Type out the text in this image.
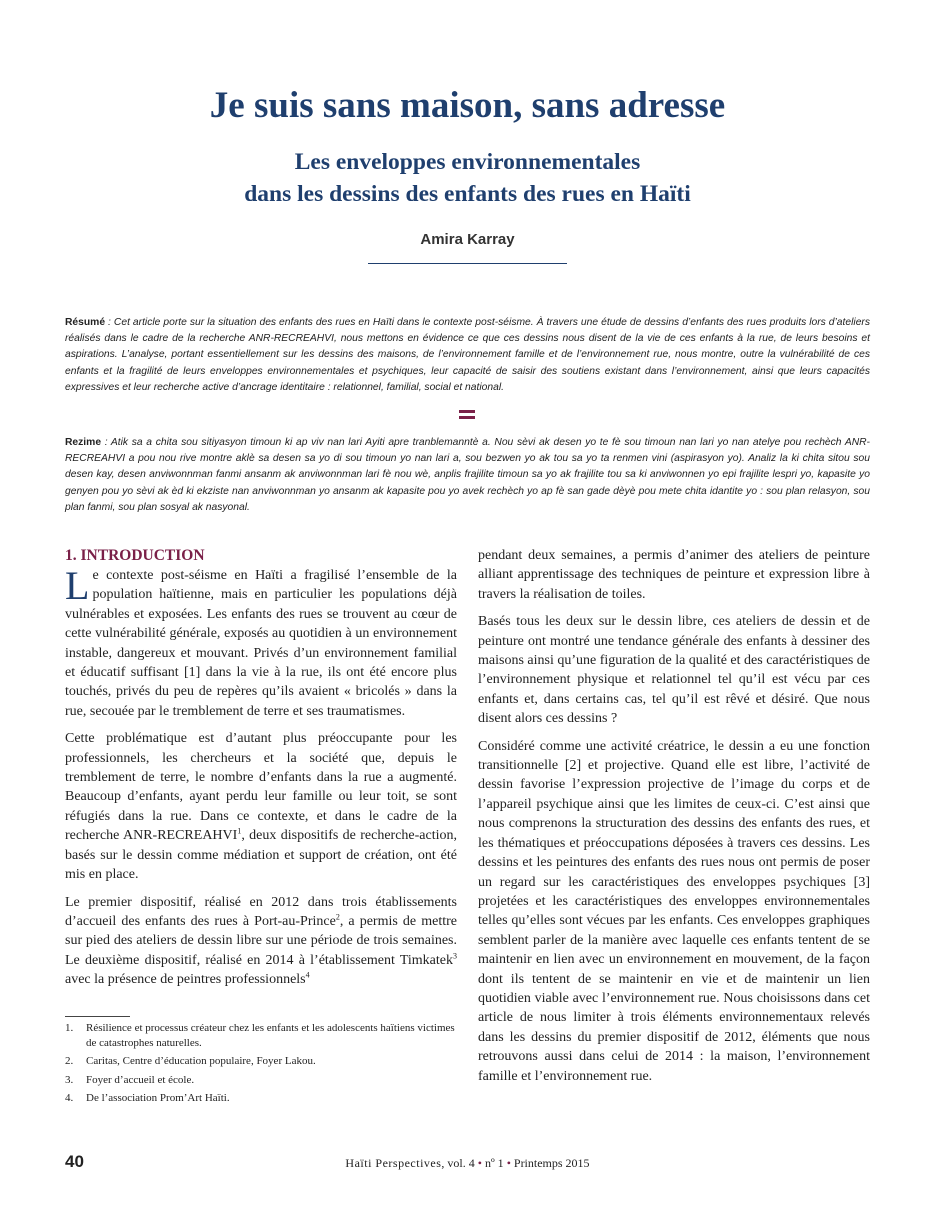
Je suis sans maison, sans adresse
Les enveloppes environnementales
dans les dessins des enfants des rues en Haïti
Amira Karray
Résumé : Cet article porte sur la situation des enfants des rues en Haïti dans le contexte post-séisme. À travers une étude de dessins d’enfants des rues produits lors d’ateliers réalisés dans le cadre de la recherche ANR-RECREAHVI, nous mettons en évidence ce que ces dessins nous disent de la vie de ces enfants à la rue, de leurs besoins et aspirations. L’analyse, portant essentiellement sur les dessins des maisons, de l’environnement famille et de l’environnement rue, nous montre, outre la vulnérabilité de ces enfants et la fragilité de leurs enveloppes environnementales et psychiques, leur capacité de saisir des soutiens existant dans l’environnement, ainsi que leurs capacités expressives et leur recherche active d’ancrage identitaire : relationnel, familial, social et national.
Rezime : Atik sa a chita sou sitiyasyon timoun ki ap viv nan lari Ayiti apre tranblemanntè a. Nou sèvi ak desen yo te fè sou timoun nan lari yo nan atelye pou rechèch ANR-RECREAHVI a pou nou rive montre aklè sa desen sa yo di sou timoun yo nan lari a, sou bezwen yo ak tou sa yo ta renmen vini (aspirasyon yo). Analiz la ki chita sitou sou desen kay, desen anviwonnman fanmi ansanm ak anviwonnman lari fè nou wè, anplis frajilite timoun sa yo ak frajilite tou sa ki anviwonnen yo epi frajilite lespri yo, kapasite yo genyen pou yo sèvi ak èd ki ekziste nan anviwonnman yo ansanm ak kapasite pou yo avek rechèch yo ap fè san gade dèyè pou mete chita idantite yo : sou plan relasyon, sou plan fanmi, sou plan sosyal ak nasyonal.
1. INTRODUCTION

Le contexte post-séisme en Haïti a fragilisé l’ensemble de la population haïtienne, mais en particulier les populations déjà vulnérables et exposées. Les enfants des rues se trouvent au cœur de cette vulnérabilité générale, exposés au quotidien à un environnement instable, dangereux et mouvant. Privés d’un environnement familial et éducatif suffisant [1] dans la vie à la rue, ils ont été encore plus touchés, privés du peu de repères qu’ils avaient « bricolés » dans la rue, secouée par le tremblement de terre et ses traumatismes.

Cette problématique est d’autant plus préoccupante pour les professionnels, les chercheurs et la société que, depuis le tremblement de terre, le nombre d’enfants dans la rue a augmenté. Beaucoup d’enfants, ayant perdu leur famille ou leur toit, se sont réfugiés dans la rue. Dans ce contexte, et dans le cadre de la recherche ANR-RECREAHVI$^1$, deux dispositifs de recherche-action, basés sur le dessin comme médiation et support de création, ont été mis en place.

Le premier dispositif, réalisé en 2012 dans trois établissements d’accueil des enfants des rues à Port-au-Prince$^2$, a permis de mettre sur pied des ateliers de dessin libre sur une période de trois semaines. Le deuxième dispositif, réalisé en 2014 à l’établissement Timkatek$^3$ avec la présence de peintres professionnels$^4$

1.	Résilience et processus créateur chez les enfants et les adolescents haïtiens victimes de catastrophes naturelles.
2.	Caritas, Centre d’éducation populaire, Foyer Lakou.
3.	Foyer d’accueil et école.
4.	De l’association Prom’Art Haïti.

pendant deux semaines, a permis d’animer des ateliers de peinture alliant apprentissage des techniques de peinture et expression libre à travers la réalisation de toiles.

Basés tous les deux sur le dessin libre, ces ateliers de dessin et de peinture ont montré une tendance générale des enfants à dessiner des maisons ainsi qu’une figuration de la qualité et des caractéristiques de l’environnement physique et relationnel tel qu’il est vécu par ces enfants et, dans certains cas, tel qu’il est rêvé et désiré. Que nous disent alors ces dessins ?

Considéré comme une activité créatrice, le dessin a eu une fonction transitionnelle [2] et projective. Quand elle est libre, l’activité de dessin favorise l’expression projective de l’image du corps et de l’appareil psychique ainsi que les limites de ceux-ci. C’est ainsi que nous comprenons la structuration des dessins des enfants des rues, et les thématiques et préoccupations déposées à travers ces dessins. Les dessins et les peintures des enfants des rues nous ont permis de poser un regard sur les caractéristiques des enveloppes psychiques [3] projetées et les caractéristiques des enveloppes environnementales telles qu’elles sont vécues par les enfants. Ces enveloppes graphiques semblent parler de la manière avec laquelle ces enfants tentent de se maintenir en lien avec un environnement en mouvement, de la façon dont ils tentent de se maintenir en vie et de maintenir un lien quotidien viable avec l’environnement rue. Nous choisissons dans cet article de nous limiter à trois éléments environnementaux relevés dans les dessins du premier dispositif de 2012, éléments que nous retrouvons aussi dans celui de 2014 : la maison, l’environnement famille et l’environnement rue.

40	Haïti Perspectives, vol. 4 • nº 1 • Printemps 2015
